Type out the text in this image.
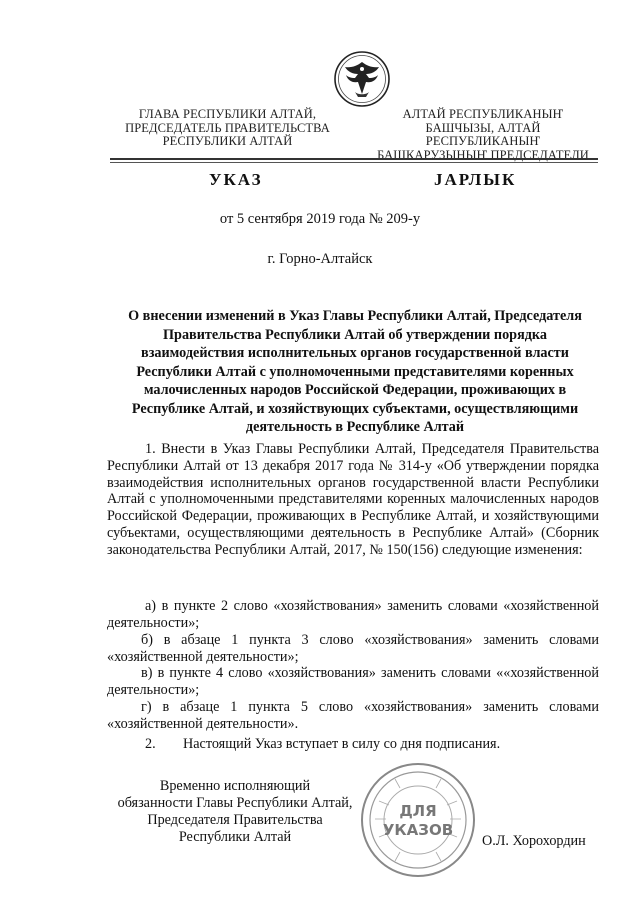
ГЛАВА РЕСПУБЛИКИ АЛТАЙ,
ПРЕДСЕДАТЕЛЬ ПРАВИТЕЛЬСТВА
РЕСПУБЛИКИ АЛТАЙ
АЛТАЙ РЕСПУБЛИКАНЫҤ
БАШЧЫЗЫ, АЛТАЙ РЕСПУБЛИКАНЫҤ
БАШКАРУЗЫНЫҤ ПРЕДСЕДАТЕЛИ
УКАЗ	JАРЛЫК
от 5 сентября 2019 года № 209-у
г. Горно-Алтайск
О внесении изменений в Указ Главы Республики Алтай, Председателя Правительства Республики Алтай об утверждении порядка взаимодействия исполнительных органов государственной власти Республики Алтай с уполномоченными представителями коренных малочисленных народов Российской Федерации, проживающих в Республике Алтай, и хозяйствующих субъектами, осуществляющими деятельность в Республике Алтай
1. Внести в Указ Главы Республики Алтай, Председателя Правительства Республики Алтай от 13 декабря 2017 года № 314-у «Об утверждении порядка взаимодействия исполнительных органов государственной власти Республики Алтай с уполномоченными представителями коренных малочисленных народов Российской Федерации, проживающих в Республике Алтай, и хозяйствующими субъектами, осуществляющими деятельность в Республике Алтай» (Сборник законодательства Республики Алтай, 2017, № 150(156) следующие изменения:
а) в пункте 2 слово «хозяйствования» заменить словами «хозяйственной деятельности»;
б) в абзаце 1 пункта 3 слово «хозяйствования» заменить словами «хозяйственной деятельности»;
в) в пункте 4 слово «хозяйствования» заменить словами ««хозяйственной деятельности»;
г) в абзаце 1 пункта 5 слово «хозяйствования» заменить словами «хозяйственной деятельности».
2. Настоящий Указ вступает в силу со дня подписания.
ДЛЯ
УКАЗОВ
Временно исполняющий
обязанности Главы Республики Алтай,
Председателя Правительства
Республики Алтай	О.Л. Хорохордин
